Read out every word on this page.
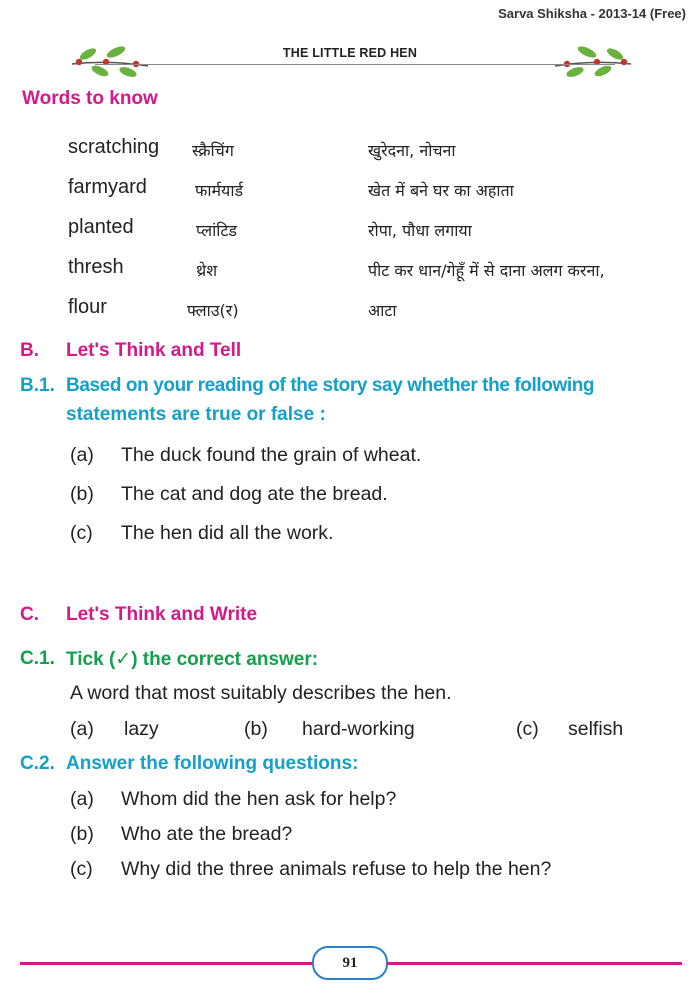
Sarva Shiksha - 2013-14 (Free)
THE LITTLE RED HEN
Words to know
scratching स्क्रैचिंग	खुरेदना, नोचना
farmyard	फार्मयार्ड	खेत में बने घर का अहाता
planted	प्लांटिड	रोपा, पौधा लगाया
thresh	थ्रेश	पीट कर धान/गेहूँ में से दाना अलग करना,
flour	फ्लाउ(र)	आटा
B. Let's Think and Tell
B.1. Based on your reading of the story say whether the following
statements are true or false :
(a) The duck found the grain of wheat.
(b) The cat and dog ate the bread.
(c) The hen did all the work.
C. Let's Think and Write
C.1. Tick (✓) the correct answer:
A word that most suitably describes the hen.
(a) lazy	(b) hard-working	(c) selfish
C.2. Answer the following questions:
(a) Whom did the hen ask for help?
(b) Who ate the bread?
(c) Why did the three animals refuse to help the hen?
91
